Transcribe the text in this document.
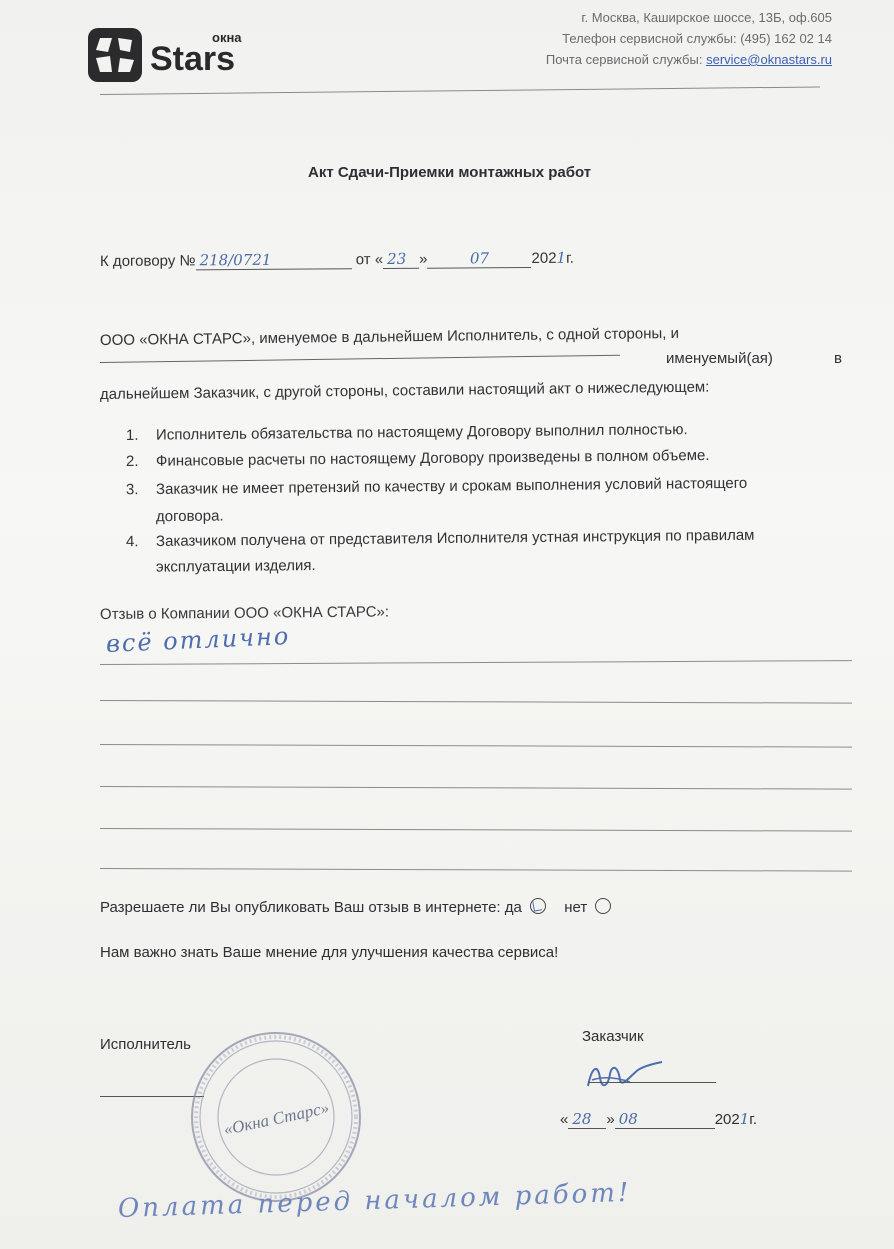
окна
Stars
г. Москва, Каширское шоссе, 13Б, оф.605
Телефон сервисной службы: (495) 162 02 14
Почта сервисной службы: service@oknastars.ru
Акт Сдачи-Приемки монтажных работ
К договору № 218/0721	от « 23 »	07	2021г.
ООО «ОКНА СТАРС», именуемое в дальнейшем Исполнитель, с одной стороны, и
именуемый(ая)	в
дальнейшем Заказчик, с другой стороны, составили настоящий акт о нижеследующем:
1. Исполнитель обязательства по настоящему Договору выполнил полностью.
2. Финансовые расчеты по настоящему Договору произведены в полном объеме.
3. Заказчик не имеет претензий по качеству и срокам выполнения условий настоящего
договора.
4. Заказчиком получена от представителя Исполнителя устная инструкция по правилам
эксплуатации изделия.
Отзыв о Компании ООО «ОКНА СТАРС»:
всё отлично
Разрешаете ли Вы опубликовать Ваш отзыв в интернете: да	нет
Нам важно знать Ваше мнение для улучшения качества сервиса!
Исполнитель
«Окна Старс»
Заказчик
« 28 » 08	2021г.
Оплата перед началом работ!
